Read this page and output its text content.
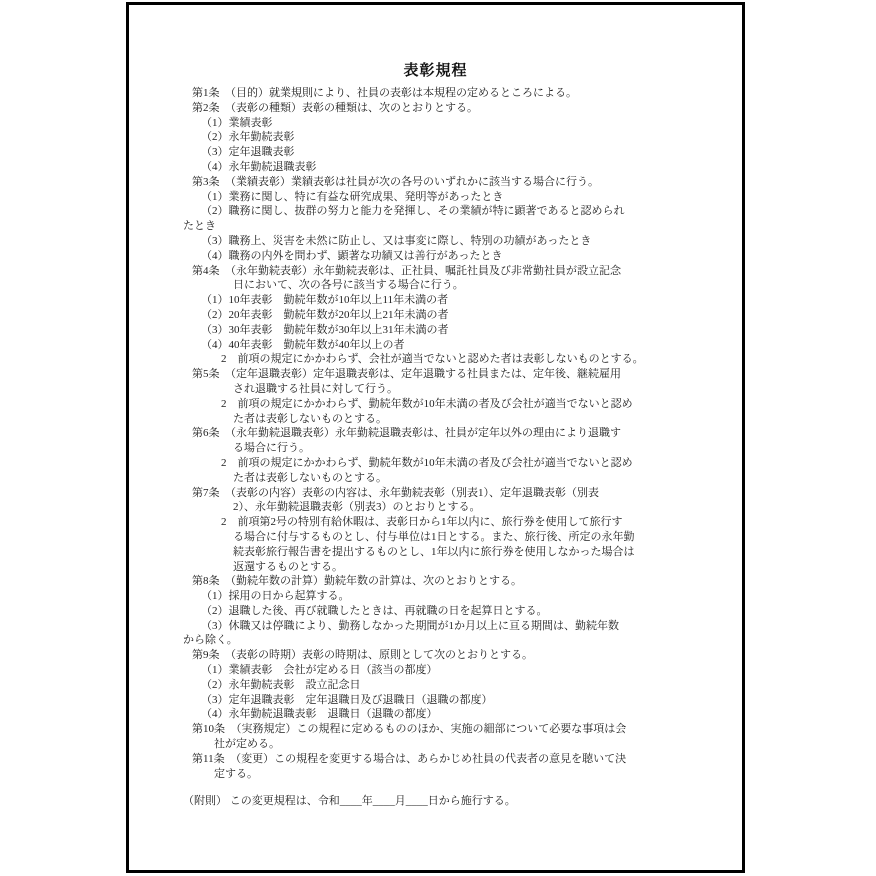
表彰規程
第1条　（目的）就業規則により、社員の表彰は本規程の定めるところによる。
第2条　（表彰の種類）表彰の種類は、次のとおりとする。
（1）業績表彰
（2）永年勤続表彰
（3）定年退職表彰
（4）永年勤続退職表彰
第3条　（業績表彰）業績表彰は社員が次の各号のいずれかに該当する場合に行う。
（1）業務に関し、特に有益な研究成果、発明等があったとき
（2）職務に関し、抜群の努力と能力を発揮し、その業績が特に顕著であると認められ
たとき
（3）職務上、災害を未然に防止し、又は事変に際し、特別の功績があったとき
（4）職務の内外を問わず、顕著な功績又は善行があったとき
第4条　（永年勤続表彰）永年勤続表彰は、正社員、嘱託社員及び非常勤社員が設立記念
日において、次の各号に該当する場合に行う。
（1）10年表彰　勤続年数が10年以上11年未満の者
（2）20年表彰　勤続年数が20年以上21年未満の者
（3）30年表彰　勤続年数が30年以上31年未満の者
（4）40年表彰　勤続年数が40年以上の者
2　前項の規定にかかわらず、会社が適当でないと認めた者は表彰しないものとする。
第5条　（定年退職表彰）定年退職表彰は、定年退職する社員または、定年後、継続雇用
され退職する社員に対して行う。
2　前項の規定にかかわらず、勤続年数が10年未満の者及び会社が適当でないと認め
た者は表彰しないものとする。
第6条　（永年勤続退職表彰）永年勤続退職表彰は、社員が定年以外の理由により退職す
る場合に行う。
2　前項の規定にかかわらず、勤続年数が10年未満の者及び会社が適当でないと認め
た者は表彰しないものとする。
第7条　（表彰の内容）表彰の内容は、永年勤続表彰（別表1）、定年退職表彰（別表
2）、永年勤続退職表彰（別表3）のとおりとする。
2　前項第2号の特別有給休暇は、表彰日から1年以内に、旅行券を使用して旅行す
る場合に付与するものとし、付与単位は1日とする。また、旅行後、所定の永年勤
続表彰旅行報告書を提出するものとし、1年以内に旅行券を使用しなかった場合は
返還するものとする。
第8条　（勤続年数の計算）勤続年数の計算は、次のとおりとする。
（1）採用の日から起算する。
（2）退職した後、再び就職したときは、再就職の日を起算日とする。
（3）休職又は停職により、勤務しなかった期間が1か月以上に亘る期間は、勤続年数
から除く。
第9条　（表彰の時期）表彰の時期は、原則として次のとおりとする。
（1）業績表彰　会社が定める日（該当の都度）
（2）永年勤続表彰　設立記念日
（3）定年退職表彰　定年退職日及び退職日（退職の都度）
（4）永年勤続退職表彰　退職日（退職の都度）
第10条　（実務規定）この規程に定めるもののほか、実施の細部について必要な事項は会
社が定める。
第11条　（変更）この規程を変更する場合は、あらかじめ社員の代表者の意見を聴いて決
定する。
（附則） この変更規程は、令和____年____月____日から施行する。
